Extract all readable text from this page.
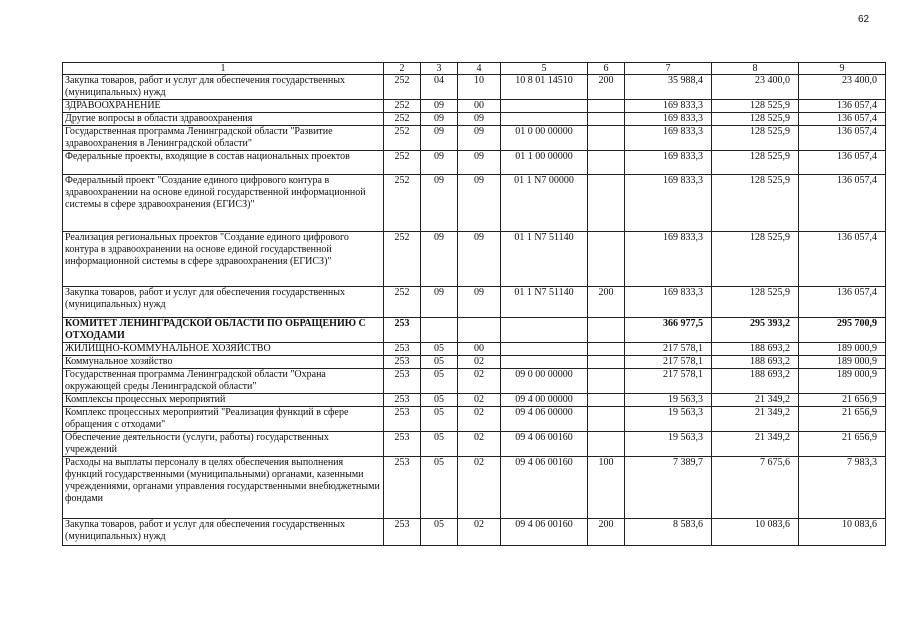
62
1	2	3	4	5	6	7	8	9
Закупка товаров, работ и услуг для обеспечения государственных (муниципальных) нужд	252	04	10	10 8 01 14510	200	35 988,4	23 400,0	23 400,0
ЗДРАВООХРАНЕНИЕ	252	09	00			169 833,3	128 525,9	136 057,4
Другие вопросы в области здравоохранения	252	09	09			169 833,3	128 525,9	136 057,4
Государственная программа Ленинградской области "Развитие здравоохранения в Ленинградской области"	252	09	09	01 0 00 00000		169 833,3	128 525,9	136 057,4
Федеральные проекты, входящие в состав национальных проектов	252	09	09	01 1 00 00000		169 833,3	128 525,9	136 057,4
Федеральный проект "Создание единого цифрового контура в здравоохранении на основе единой государственной информационной системы в сфере здравоохранения (ЕГИСЗ)"	252	09	09	01 1 N7 00000		169 833,3	128 525,9	136 057,4
Реализация региональных проектов "Создание единого цифрового контура в здравоохранении на основе единой государственной информационной системы в сфере здравоохранения (ЕГИСЗ)"	252	09	09	01 1 N7 51140		169 833,3	128 525,9	136 057,4
Закупка товаров, работ и услуг для обеспечения государственных (муниципальных) нужд	252	09	09	01 1 N7 51140	200	169 833,3	128 525,9	136 057,4
КОМИТЕТ ЛЕНИНГРАДСКОЙ ОБЛАСТИ ПО ОБРАЩЕНИЮ С ОТХОДАМИ	253					366 977,5	295 393,2	295 700,9
ЖИЛИЩНО-КОММУНАЛЬНОЕ ХОЗЯЙСТВО	253	05	00			217 578,1	188 693,2	189 000,9
Коммунальное хозяйство	253	05	02			217 578,1	188 693,2	189 000,9
Государственная программа Ленинградской области "Охрана окружающей среды Ленинградской области"	253	05	02	09 0 00 00000		217 578,1	188 693,2	189 000,9
Комплексы процессных мероприятий	253	05	02	09 4 00 00000		19 563,3	21 349,2	21 656,9
Комплекс процессных мероприятий "Реализация функций в сфере обращения с отходами"	253	05	02	09 4 06 00000		19 563,3	21 349,2	21 656,9
Обеспечение деятельности (услуги, работы) государственных учреждений	253	05	02	09 4 06 00160		19 563,3	21 349,2	21 656,9
Расходы на выплаты персоналу в целях обеспечения выполнения функций государственными (муниципальными) органами, казенными учреждениями, органами управления государственными внебюджетными фондами	253	05	02	09 4 06 00160	100	7 389,7	7 675,6	7 983,3
Закупка товаров, работ и услуг для обеспечения государственных (муниципальных) нужд	253	05	02	09 4 06 00160	200	8 583,6	10 083,6	10 083,6
